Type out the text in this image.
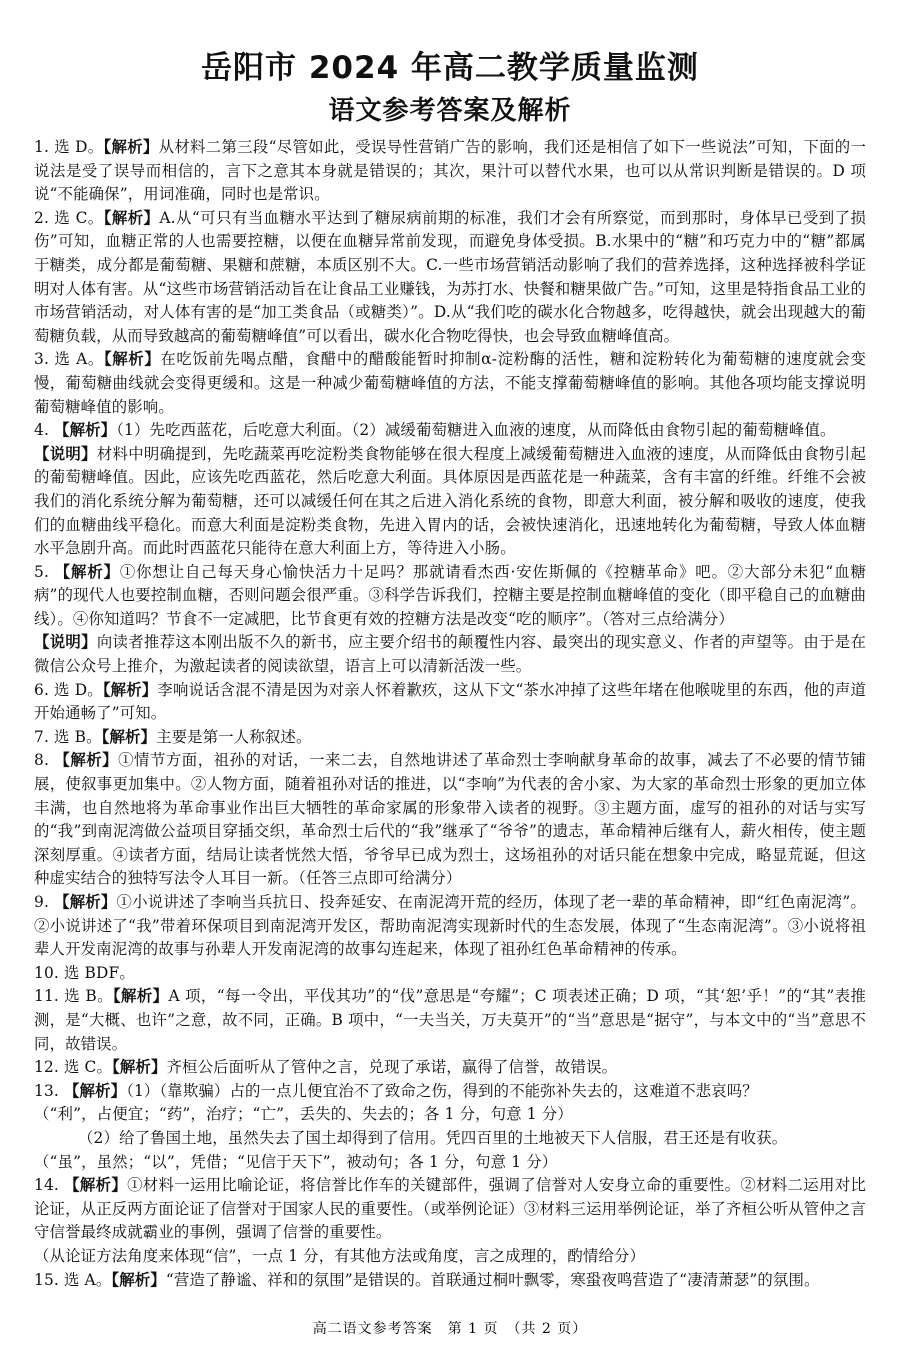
岳阳市 2024 年高二教学质量监测
语文参考答案及解析

1. 选 D。【解析】从材料二第三段“尽管如此，受误导性营销广告的影响，我们还是相信了如下一些说法”可知，下面的一说法是受了误导而相信的，言下之意其本身就是错误的；其次，果汁可以替代水果，也可以从常识判断是错误的。D 项说“不能确保”，用词准确，同时也是常识。

2. 选 C。【解析】A.从“可只有当血糖水平达到了糖尿病前期的标准，我们才会有所察觉，而到那时，身体早已受到了损伤”可知，血糖正常的人也需要控糖，以便在血糖异常前发现，而避免身体受损。B.水果中的“糖”和巧克力中的“糖”都属于糖类，成分都是葡萄糖、果糖和蔗糖，本质区别不大。C.一些市场营销活动影响了我们的营养选择，这种选择被科学证明对人体有害。从“这些市场营销活动旨在让食品工业赚钱，为苏打水、快餐和糖果做广告。”可知，这里是特指食品工业的市场营销活动，对人体有害的是“加工类食品（或糖类）”。D.从“我们吃的碳水化合物越多，吃得越快，就会出现越大的葡萄糖负载，从而导致越高的葡萄糖峰值”可以看出，碳水化合物吃得快，也会导致血糖峰值高。

3. 选 A。【解析】在吃饭前先喝点醋，食醋中的醋酸能暂时抑制α-淀粉酶的活性，糖和淀粉转化为葡萄糖的速度就会变慢，葡萄糖曲线就会变得更缓和。这是一种减少葡萄糖峰值的方法，不能支撑葡萄糖峰值的影响。其他各项均能支撑说明葡萄糖峰值的影响。

4. 【解析】（1）先吃西蓝花，后吃意大利面。（2）减缓葡萄糖进入血液的速度，从而降低由食物引起的葡萄糖峰值。

【说明】材料中明确提到，先吃蔬菜再吃淀粉类食物能够在很大程度上减缓葡萄糖进入血液的速度，从而降低由食物引起的葡萄糖峰值。因此，应该先吃西蓝花，然后吃意大利面。具体原因是西蓝花是一种蔬菜，含有丰富的纤维。纤维不会被我们的消化系统分解为葡萄糖，还可以减缓任何在其之后进入消化系统的食物，即意大利面，被分解和吸收的速度，使我们的血糖曲线平稳化。而意大利面是淀粉类食物，先进入胃内的话，会被快速消化，迅速地转化为葡萄糖，导致人体血糖水平急剧升高。而此时西蓝花只能待在意大利面上方，等待进入小肠。

5. 【解析】①你想让自己每天身心愉快活力十足吗？那就请看杰西·安佐斯佩的《控糖革命》吧。②大部分未犯“血糖病”的现代人也要控制血糖，否则问题会很严重。③科学告诉我们，控糖主要是控制血糖峰值的变化（即平稳自己的血糖曲线）。④你知道吗？节食不一定减肥，比节食更有效的控糖方法是改变“吃的顺序”。（答对三点给满分）

【说明】向读者推荐这本刚出版不久的新书，应主要介绍书的颠覆性内容、最突出的现实意义、作者的声望等。由于是在微信公众号上推介，为激起读者的阅读欲望，语言上可以清新活泼一些。

6. 选 D。【解析】李响说话含混不清是因为对亲人怀着歉疚，这从下文“茶水冲掉了这些年堵在他喉咙里的东西，他的声道开始通畅了”可知。

7. 选 B。【解析】主要是第一人称叙述。

8. 【解析】①情节方面，祖孙的对话，一来二去，自然地讲述了革命烈士李响献身革命的故事，减去了不必要的情节铺展，使叙事更加集中。②人物方面，随着祖孙对话的推进，以“李响”为代表的舍小家、为大家的革命烈士形象的更加立体丰满，也自然地将为革命事业作出巨大牺牲的革命家属的形象带入读者的视野。③主题方面，虚写的祖孙的对话与实写的“我”到南泥湾做公益项目穿插交织，革命烈士后代的“我”继承了“爷爷”的遗志，革命精神后继有人，薪火相传，使主题深刻厚重。④读者方面，结局让读者恍然大悟，爷爷早已成为烈士，这场祖孙的对话只能在想象中完成，略显荒诞，但这种虚实结合的独特写法令人耳目一新。（任答三点即可给满分）

9. 【解析】①小说讲述了李响当兵抗日、投奔延安、在南泥湾开荒的经历，体现了老一辈的革命精神，即“红色南泥湾”。②小说讲述了“我”带着环保项目到南泥湾开发区，帮助南泥湾实现新时代的生态发展，体现了“生态南泥湾”。③小说将祖辈人开发南泥湾的故事与孙辈人开发南泥湾的故事勾连起来，体现了祖孙红色革命精神的传承。

10. 选 BDF。

11. 选 B。【解析】A 项，“每一令出，平伐其功”的“伐”意思是“夸耀”；C 项表述正确；D 项，“其‘恕’乎！”的“其”表推测，是“大概、也许”之意，故不同，正确。B 项中，“一夫当关，万夫莫开”的“当”意思是“据守”，与本文中的“当”意思不同，故错误。

12. 选 C。【解析】齐桓公后面听从了管仲之言，兑现了承诺，赢得了信誉，故错误。

13. 【解析】（1）（靠欺骗）占的一点儿便宜治不了致命之伤，得到的不能弥补失去的，这难道不悲哀吗？

（“利”，占便宜；“药”，治疗；“亡”，丢失的、失去的；各 1 分，句意 1 分）

（2）给了鲁国土地，虽然失去了国土却得到了信用。凭四百里的土地被天下人信服，君王还是有收获。

（“虽”，虽然；“以”，凭借；“见信于天下”，被动句；各 1 分，句意 1 分）

14. 【解析】①材料一运用比喻论证，将信誉比作车的关键部件，强调了信誉对人安身立命的重要性。②材料二运用对比论证，从正反两方面论证了信誉对于国家人民的重要性。（或举例论证）③材料三运用举例论证，举了齐桓公听从管仲之言守信誉最终成就霸业的事例，强调了信誉的重要性。

（从论证方法角度来体现“信”，一点 1 分，有其他方法或角度，言之成理的，酌情给分）

15. 选 A。【解析】“营造了静谧、祥和的氛围”是错误的。首联通过桐叶飘零，寒蛩夜鸣营造了“凄清萧瑟”的氛围。

高二语文参考答案　第 1 页　（共 2 页）
